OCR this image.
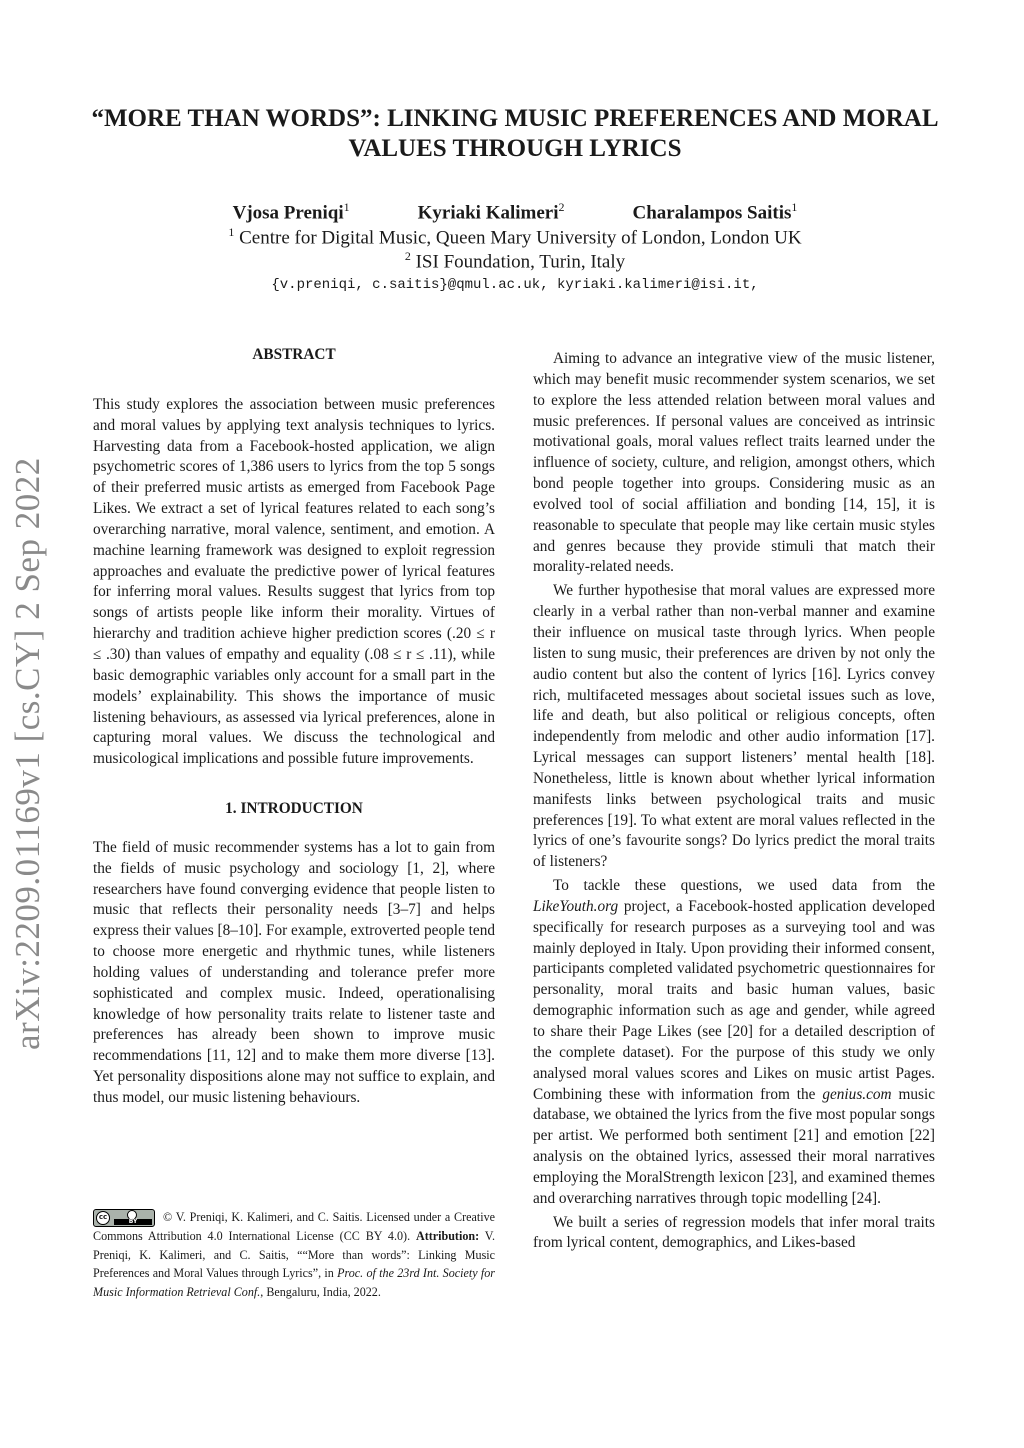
arXiv:2209.01169v1 [cs.CY] 2 Sep 2022
“MORE THAN WORDS”: LINKING MUSIC PREFERENCES AND MORAL
VALUES THROUGH LYRICS
Vjosa Preniqi$^1$	Kyriaki Kalimeri$^2$	Charalampos Saitis$^1$
$^1$ Centre for Digital Music, Queen Mary University of London, London UK
$^2$ ISI Foundation, Turin, Italy
{v.preniqi, c.saitis}@qmul.ac.uk, kyriaki.kalimeri@isi.it,
ABSTRACT

This study explores the association between music preferences and moral values by applying text analysis techniques to lyrics. Harvesting data from a Facebook-hosted application, we align psychometric scores of 1,386 users to lyrics from the top 5 songs of their preferred music artists as emerged from Facebook Page Likes. We extract a set of lyrical features related to each song’s overarching narrative, moral valence, sentiment, and emotion. A machine learning framework was designed to exploit regression approaches and evaluate the predictive power of lyrical features for inferring moral values. Results suggest that lyrics from top songs of artists people like inform their morality. Virtues of hierarchy and tradition achieve higher prediction scores (.20 ≤ r ≤ .30) than values of empathy and equality (.08 ≤ r ≤ .11), while basic demographic variables only account for a small part in the models’ explainability. This shows the importance of music listening behaviours, as assessed via lyrical preferences, alone in capturing moral values. We discuss the technological and musicological implications and possible future improvements.

1. INTRODUCTION

The field of music recommender systems has a lot to gain from the fields of music psychology and sociology [1, 2], where researchers have found converging evidence that people listen to music that reflects their personality needs [3–7] and helps express their values [8–10]. For example, extroverted people tend to choose more energetic and rhythmic tunes, while listeners holding values of understanding and tolerance prefer more sophisticated and complex music. Indeed, operationalising knowledge of how personality traits relate to listener taste and preferences has already been shown to improve music recommendations [11, 12] and to make them more diverse [13]. Yet personality dispositions alone may not suffice to explain, and thus model, our music listening behaviours.

cc
BY	© V. Preniqi, K. Kalimeri, and C. Saitis. Licensed under a Creative Commons Attribution 4.0 International License (CC BY 4.0). Attribution: V. Preniqi, K. Kalimeri, and C. Saitis, ““More than words”: Linking Music Preferences and Moral Values through Lyrics”, in Proc. of the 23rd Int. Society for Music Information Retrieval Conf., Bengaluru, India, 2022.

Aiming to advance an integrative view of the music listener, which may benefit music recommender system scenarios, we set to explore the less attended relation between moral values and music preferences. If personal values are conceived as intrinsic motivational goals, moral values reflect traits learned under the influence of society, culture, and religion, amongst others, which bond people together into groups. Considering music as an evolved tool of social affiliation and bonding [14, 15], it is reasonable to speculate that people may like certain music styles and genres because they provide stimuli that match their morality-related needs.

We further hypothesise that moral values are expressed more clearly in a verbal rather than non-verbal manner and examine their influence on musical taste through lyrics. When people listen to sung music, their preferences are driven by not only the audio content but also the content of lyrics [16]. Lyrics convey rich, multifaceted messages about societal issues such as love, life and death, but also political or religious concepts, often independently from melodic and other audio information [17]. Lyrical messages can support listeners’ mental health [18]. Nonetheless, little is known about whether lyrical information manifests links between psychological traits and music preferences [19]. To what extent are moral values reflected in the lyrics of one’s favourite songs? Do lyrics predict the moral traits of listeners?

To tackle these questions, we used data from the LikeYouth.org project, a Facebook-hosted application developed specifically for research purposes as a surveying tool and was mainly deployed in Italy. Upon providing their informed consent, participants completed validated psychometric questionnaires for personality, moral traits and basic human values, basic demographic information such as age and gender, while agreed to share their Page Likes (see [20] for a detailed description of the complete dataset). For the purpose of this study we only analysed moral values scores and Likes on music artist Pages. Combining these with information from the genius.com music database, we obtained the lyrics from the five most popular songs per artist. We performed both sentiment [21] and emotion [22] analysis on the obtained lyrics, assessed their moral narratives employing the MoralStrength lexicon [23], and examined themes and overarching narratives through topic modelling [24].

We built a series of regression models that infer moral traits from lyrical content, demographics, and Likes-based
